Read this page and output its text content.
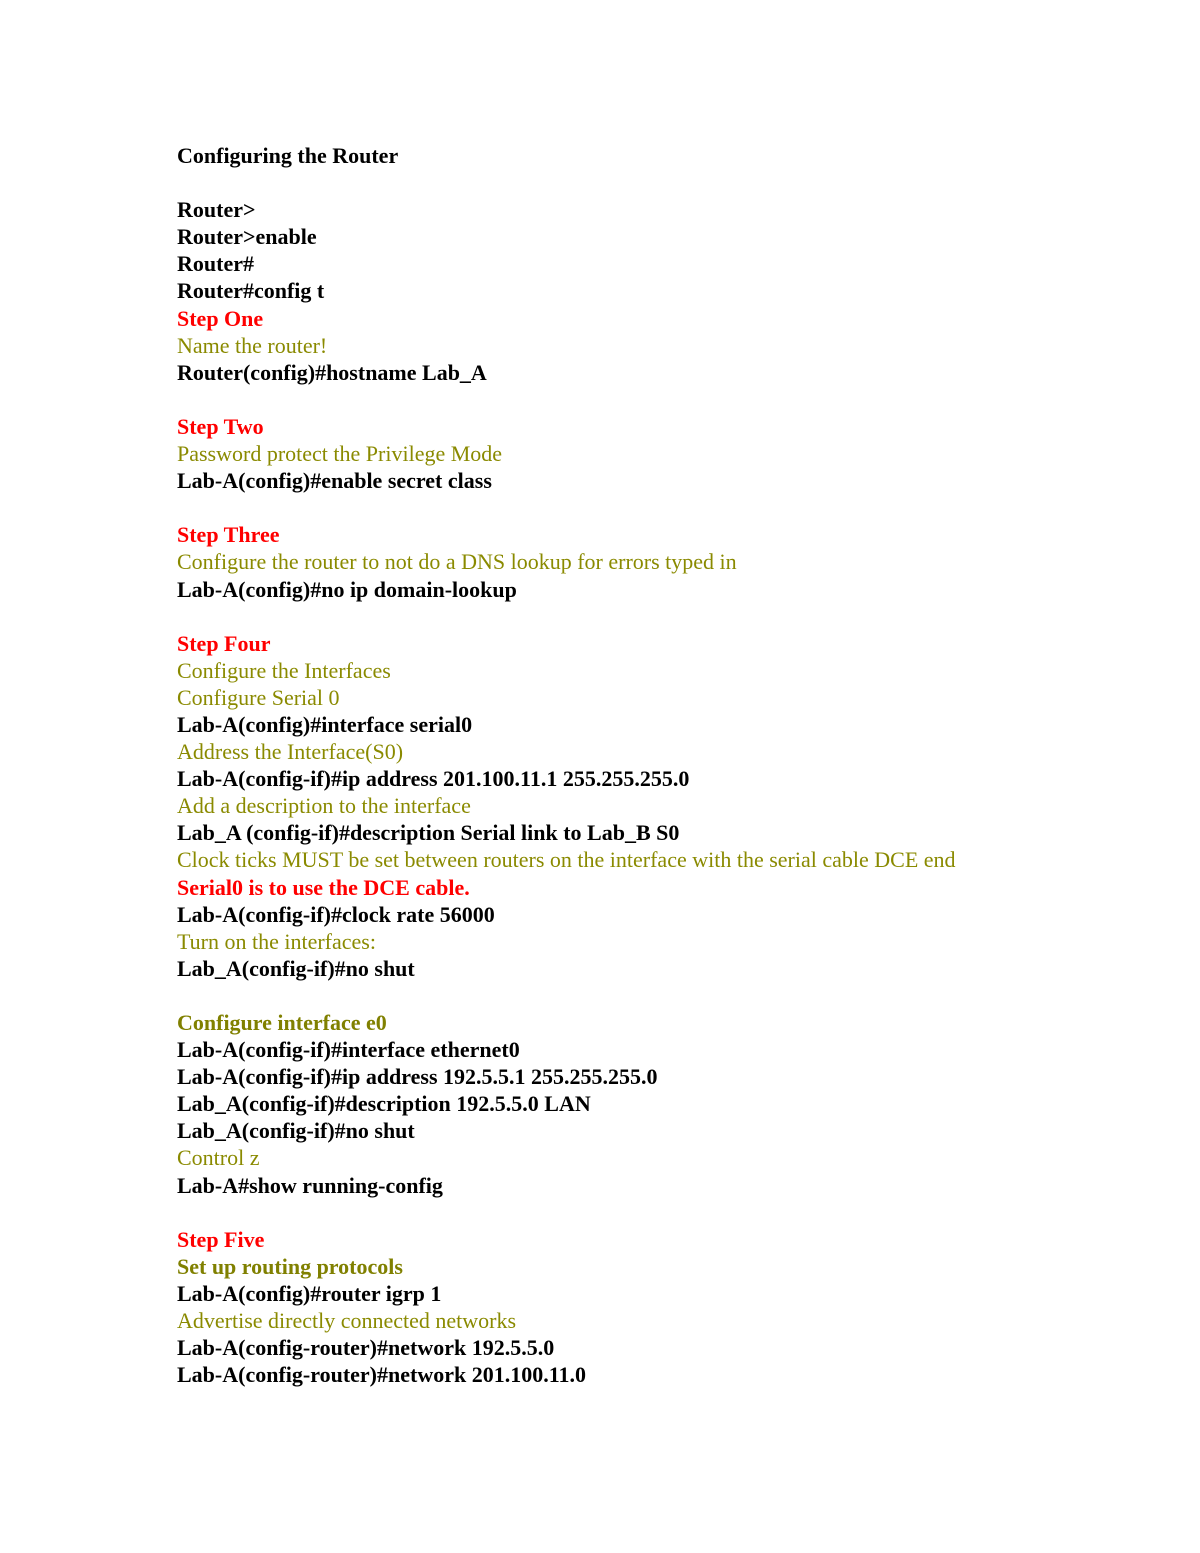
Configuring the Router
Router>
Router>enable
Router#
Router#config t
Step One
Name the router!
Router(config)#hostname Lab_A
Step Two
Password protect the Privilege Mode
Lab-A(config)#enable secret class
Step Three
Configure the router to not do a DNS lookup for errors typed in
Lab-A(config)#no ip domain-lookup
Step Four
Configure the Interfaces
Configure Serial 0
Lab-A(config)#interface serial0
Address the Interface(S0)
Lab-A(config-if)#ip address 201.100.11.1 255.255.255.0
Add a description to the interface
Lab_A (config-if)#description Serial link to Lab_B S0
Clock ticks MUST be set between routers on the interface with the serial cable DCE end
Serial0 is to use the DCE cable.
Lab-A(config-if)#clock rate 56000
Turn on the interfaces:
Lab_A(config-if)#no shut
Configure interface e0
Lab-A(config-if)#interface ethernet0
Lab-A(config-if)#ip address 192.5.5.1 255.255.255.0
Lab_A(config-if)#description 192.5.5.0 LAN
Lab_A(config-if)#no shut
Control z
Lab-A#show running-config
Step Five
Set up routing protocols
Lab-A(config)#router igrp 1
Advertise directly connected networks
Lab-A(config-router)#network 192.5.5.0
Lab-A(config-router)#network 201.100.11.0
